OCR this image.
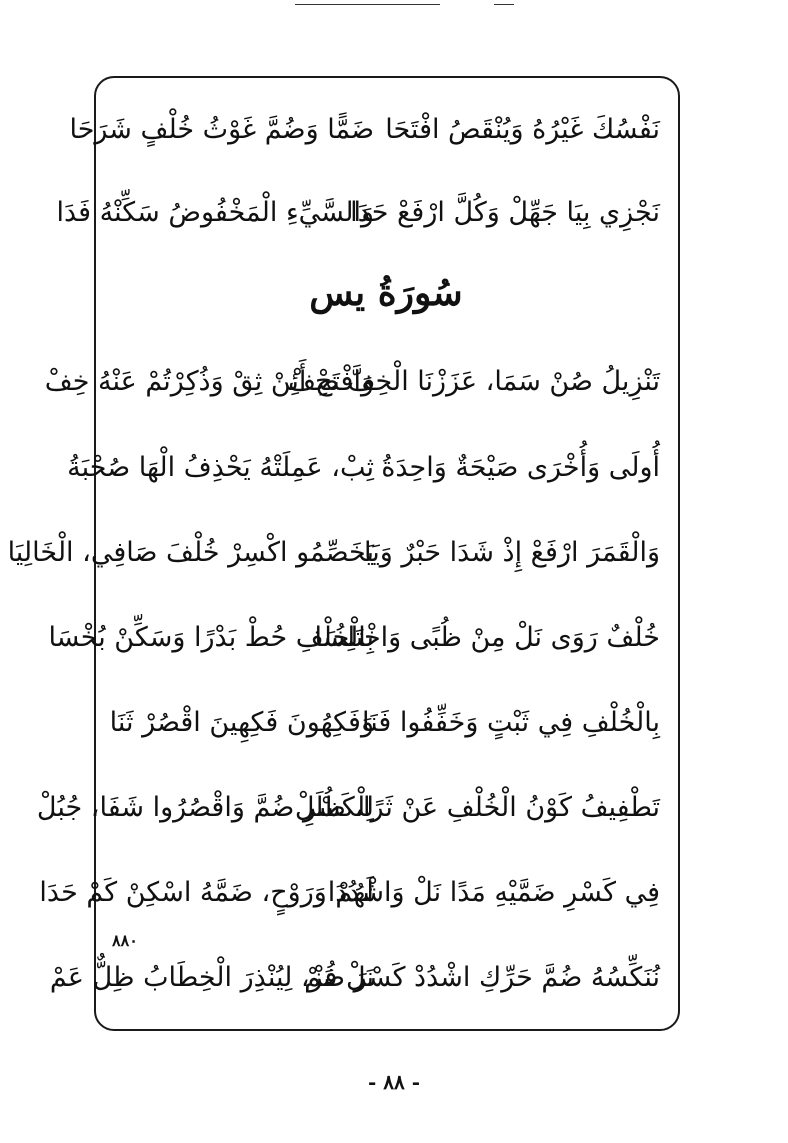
نَفْسُكَ غَيْرُهُ وَيُنْقَصُ افْتَحَا
ضَمًّا وَضُمَّ غَوْثُ خُلْفٍ شَرَحَا
نَجْزِي بِيَا جَهِّلْ وَكُلَّ ارْفَعْ حَدَا
وَالسَّيِّءِ الْمَخْفُوضُ سَكِّنْهُ فَدَا
سُورَةُ يس
تَنْزِيلُ صُنْ سَمَا، عَزَزْنَا الْخِفَّ صِفْ
وَافْتَحْ أَئِنْ ثِقْ وَذُكِرْتُمْ عَنْهُ خِفْ
أُولَى وَأُخْرَى صَيْحَةٌ وَاحِدَةُ
ثِبْ، عَمِلَتْهُ يَحْذِفُ الْهَا صُحْبَةُ
وَالْقَمَرَ ارْفَعْ إِذْ شَدَا حَبْرٌ وَيَا
يَخَصِّمُو اكْسِرْ خُلْفَ صَافِي، الْخَالِيَا
خُلْفٌ رَوَى نَلْ مِنْ ظُبًى وَاخْتَلِسَا
بِالْخُلْفِ حُطْ بَدْرًا وَسَكِّنْ بُخْسَا
بِالْخُلْفِ فِي ثَبْتٍ وَخَفِّفُوا فَنَا
وَفَكِهُونَ فَكِهِينَ اقْصُرْ ثَنَا
تَطْفِيفُ كَوْنُ الْخُلْفِ عَنْ ثَرًا، ظُلَلْ
لِلْكَسْرِ ضُمَّ وَاقْصُرُوا شَفَا، جُبُلْ
فِي كَسْرِ ضَمَّيْهِ مَدًا نَلْ وَاشْدُدَا
لَهُمْ وَرَوْحٍ، ضَمَّهُ اسْكِنْ كَمْ حَدَا
٨٨٠
نُنَكِّسُهُ ضُمَّ حَرِّكِ اشْدُدْ كَسْرَ ضَمْ
نَلْ فُزْ، لِيُنْذِرَ الْخِطَابُ ظِلٌّ عَمْ
- ٨٨ -
